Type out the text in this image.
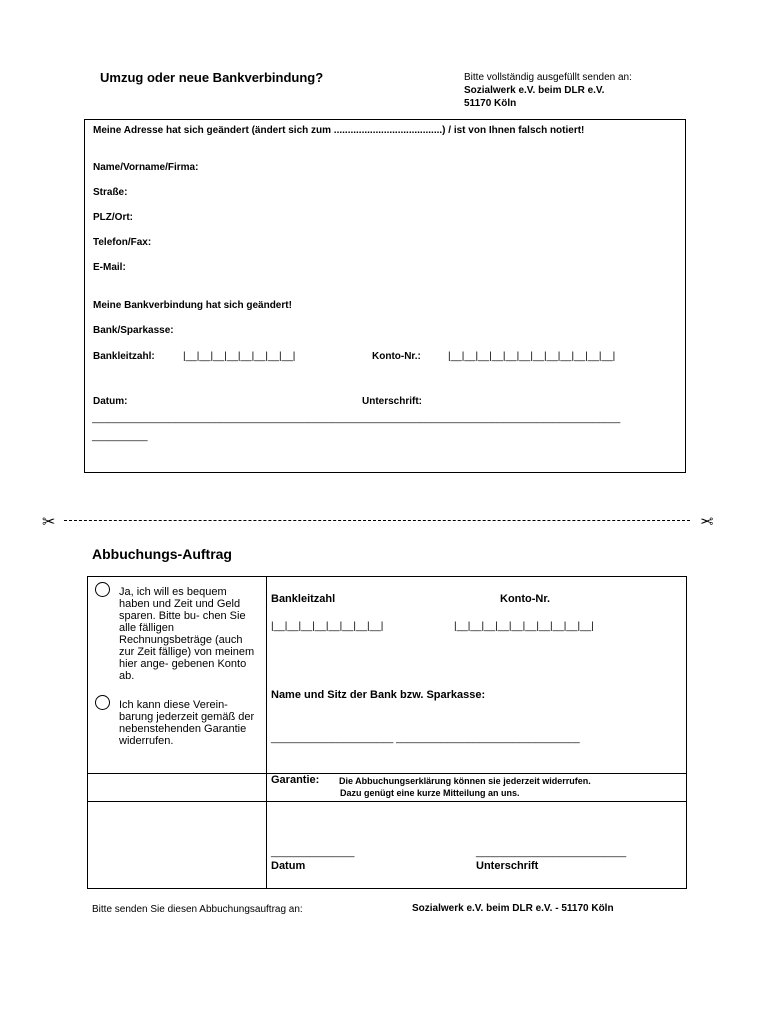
Umzug oder neue Bankverbindung?	Bitte vollständig ausgefüllt senden an:
Sozialwerk e.V. beim DLR e.V.
51170 Köln
Meine Adresse hat sich geändert (ändert sich zum .......................................) / ist von Ihnen falsch notiert!
Name/Vorname/Firma:
Straße:
PLZ/Ort:
Telefon/Fax:
E-Mail:
Meine Bankverbindung hat sich geändert!
Bank/Sparkasse:
Bankleitzahl:	|__|__|__|__|__|__|__|__|	Konto-Nr.:	|__|__|__|__|__|__|__|__|__|__|__|__|
Datum:	Unterschrift:
_______________________________________________________________________________________________
__________
✂	✂
Abbuchungs-Auftrag
Ja, ich will es bequem haben und Zeit und Geld sparen. Bitte bu- chen Sie alle fälligen Rechnungsbeträge (auch zur Zeit fällige) von meinem hier ange- gebenen Konto ab.
Ich kann diese Verein- barung jederzeit gemäß der nebenstehenden Garantie widerrufen.
Bankleitzahl	Konto-Nr.
|__|__|__|__|__|__|__|__|	|__|__|__|__|__|__|__|__|__|__|
Name und Sitz der Bank bzw. Sparkasse:
______________________ _________________________________
Garantie: Die Abbuchungserklärung können sie jederzeit widerrufen.
Dazu genügt eine kurze Mitteilung an uns.
_______________	___________________________
Datum	Unterschrift
Bitte senden Sie diesen Abbuchungsauftrag an:	Sozialwerk e.V. beim DLR e.V. - 51170 Köln
